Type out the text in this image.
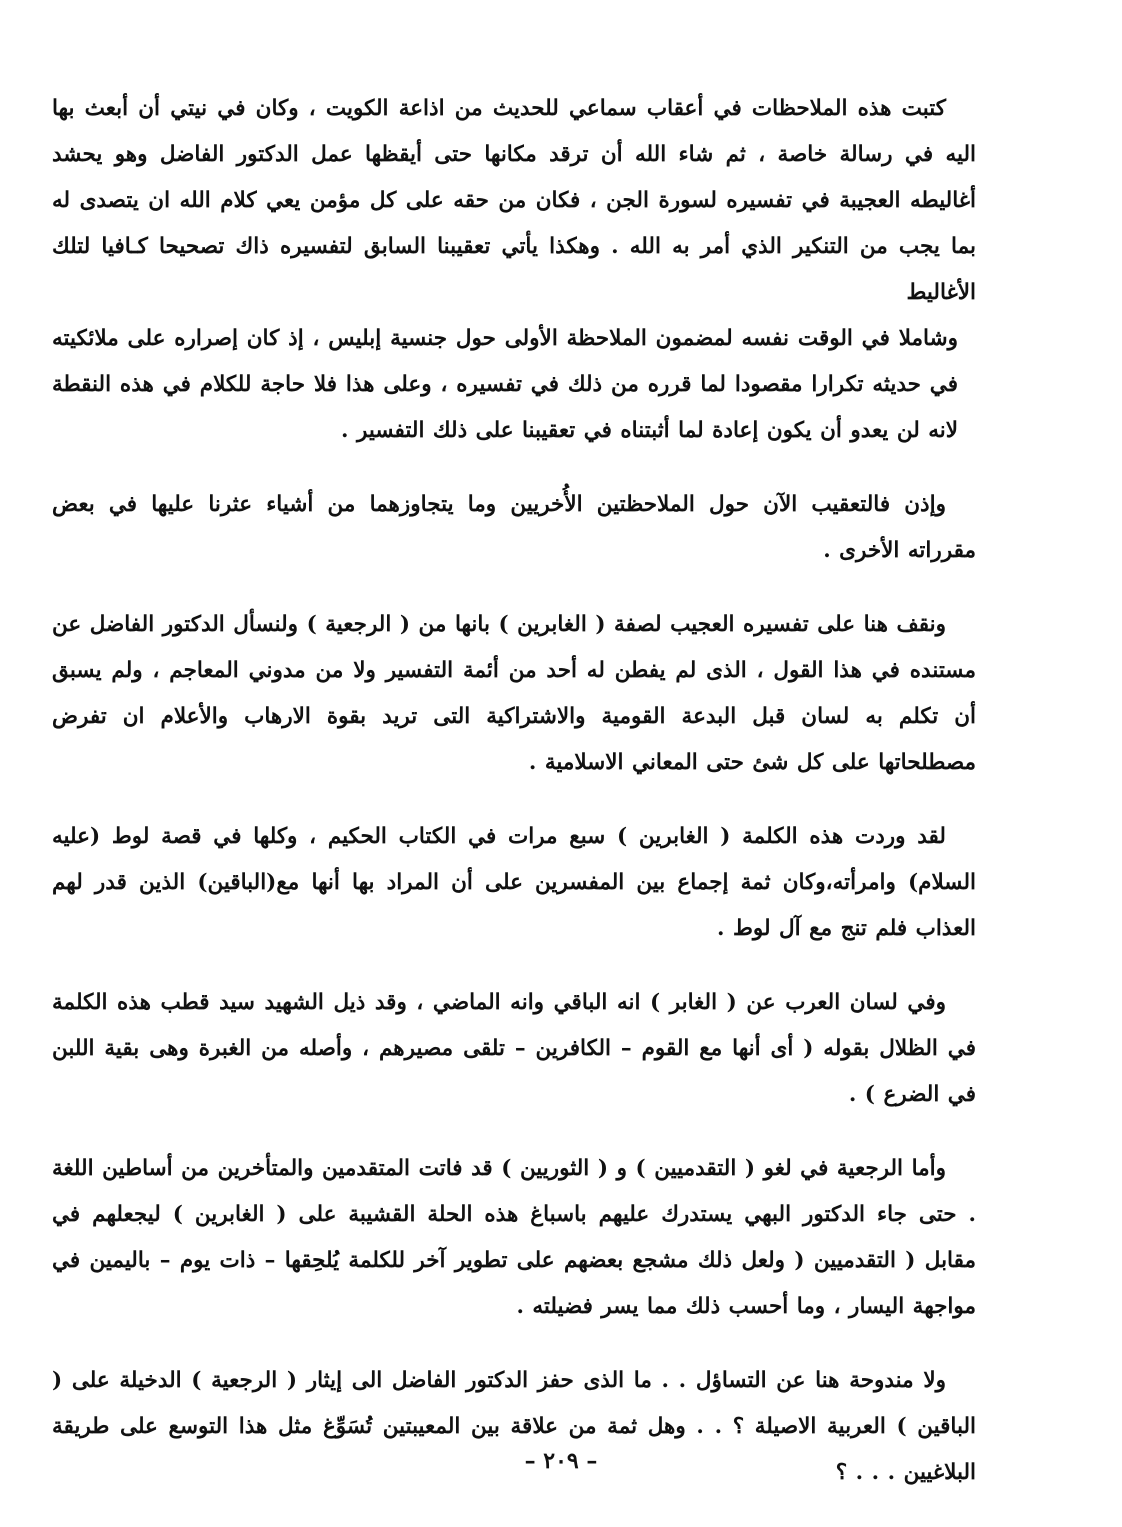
كتبت هذه الملاحظات في أعقاب سماعي للحديث من اذاعة الكويت ، وكان في نيتي أن أبعث بها اليه في رسالة خاصة ، ثم شاء الله أن ترقد مكانها حتى أيقظها عمل الدكتور الفاضل وهو يحشد أغاليطه العجيبة في تفسيره لسورة الجن ، فكان من حقه على كل مؤمن يعي كلام الله ان يتصدى له بما يجب من التنكير الذي أمر به الله . وهكذا يأتي تعقيبنا السابق لتفسيره ذاك تصحيحا كـافيا لتلك الأغاليط

وشاملا في الوقت نفسه لمضمون الملاحظة الأولى حول جنسية إبليس ، إذ كان إصراره على ملائكيته في حديثه تكرارا مقصودا لما قرره من ذلك في تفسيره ، وعلى هذا فلا حاجة للكلام في هذه النقطة لانه لن يعدو أن يكون إعادة لما أثبتناه في تعقيبنا على ذلك التفسير .

وإذن فالتعقيب الآن حول الملاحظتين الأُخريين وما يتجاوزهما من أشياء عثرنا عليها في بعض مقرراته الأخرى .

ونقف هنا على تفسيره العجيب لصفة ( الغابرين ) بانها من ( الرجعية ) ولنسأل الدكتور الفاضل عن مستنده في هذا القول ، الذى لم يفطن له أحد من أئمة التفسير ولا من مدوني المعاجم ، ولم يسبق أن تكلم به لسان قبل البدعة القومية والاشتراكية التى تريد بقوة الارهاب والأعلام ان تفرض مصطلحاتها على كل شئ حتى المعاني الاسلامية .

لقد وردت هذه الكلمة ( الغابرين ) سبع مرات في الكتاب الحكيم ، وكلها في قصة لوط (عليه السلام) وامرأته،وكان ثمة إجماع بين المفسرين على أن المراد بها أنها مع(الباقين) الذين قدر لهم العذاب فلم تنج مع آل لوط .

وفي لسان العرب عن ( الغابر ) انه الباقي وانه الماضي ، وقد ذيل الشهيد سيد قطب هذه الكلمة في الظلال بقوله ( أى أنها مع القوم – الكافرين – تلقى مصيرهم ، وأصله من الغبرة وهى بقية اللبن في الضرع ) .

وأما الرجعية في لغو ( التقدميين ) و ( الثوريين ) قد فاتت المتقدمين والمتأخرين من أساطين اللغة . حتى جاء الدكتور البهي يستدرك عليهم باسباغ هذه الحلة القشيبة على ( الغابرين ) ليجعلهم في مقابل ( التقدميين ( ولعل ذلك مشجع بعضهم على تطوير آخر للكلمة يُلحِقها – ذات يوم – باليمين في مواجهة اليسار ، وما أحسب ذلك مما يسر فضيلته .

ولا مندوحة هنا عن التساؤل . . ما الذى حفز الدكتور الفاضل الى إيثار ( الرجعية ) الدخيلة على ( الباقين ) العربية الاصيلة ؟ . . وهل ثمة من علاقة بين المعيبتين تُسَوِّغ مثل هذا التوسع على طريقة البلاغيين . . . ؟

– ٢٠٩ –
